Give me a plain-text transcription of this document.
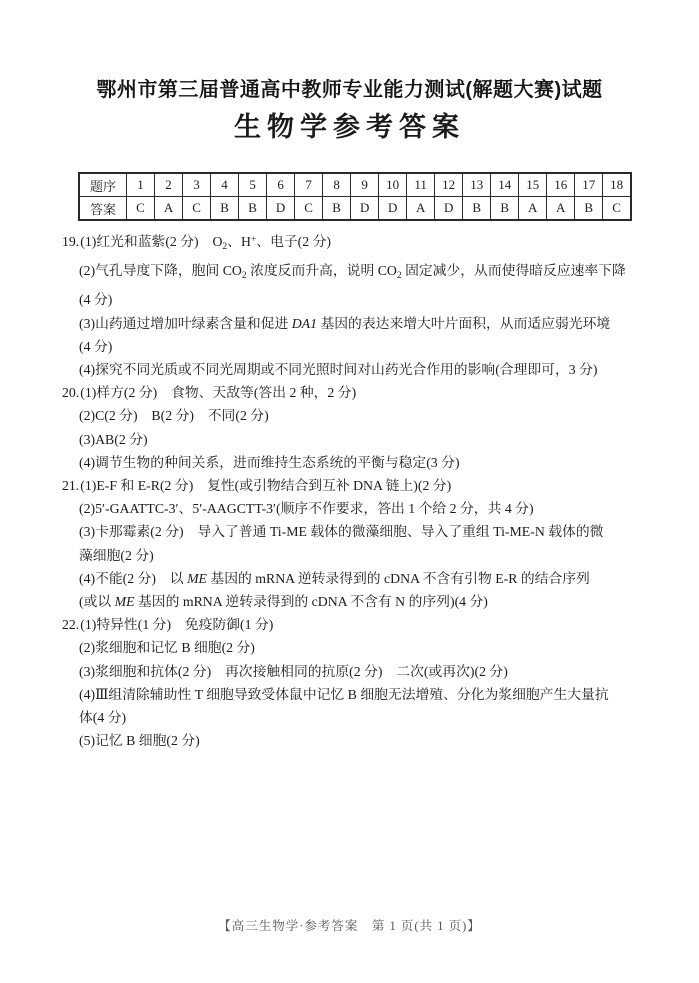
鄂州市第三届普通高中教师专业能力测试(解题大赛)试题
生物学参考答案
题序	1	2	3	4	5	6	7	8	9	10	11	12	13	14	15	16	17	18
答案	C	A	C	B	B	D	C	B	D	D	A	D	B	B	A	A	B	C
19.(1)红光和蓝紫(2 分)　$O_2$、H+、电子(2 分)
(2)气孔导度下降，胞间 $CO_2$ 浓度反而升高，说明 $CO_2$ 固定减少，从而使得暗反应速率下降
(4 分)
(3)山药通过增加叶绿素含量和促进 DA1 基因的表达来增大叶片面积，从而适应弱光环境
(4 分)
(4)探究不同光质或不同光周期或不同光照时间对山药光合作用的影响(合理即可，3 分)
20.(1)样方(2 分)　食物、天敌等(答出 2 种，2 分)
(2)C(2 分)　B(2 分)　不同(2 分)
(3)AB(2 分)
(4)调节生物的种间关系，进而维持生态系统的平衡与稳定(3 分)
21.(1)E-F 和 E-R(2 分)　复性(或引物结合到互补 DNA 链上)(2 分)
(2)5′-GAATTC-3′、5′-AAGCTT-3′(顺序不作要求，答出 1 个给 2 分，共 4 分)
(3)卡那霉素(2 分)　导入了普通 Ti-ME 载体的微藻细胞、导入了重组 Ti-ME-N 载体的微
藻细胞(2 分)
(4)不能(2 分)　以 ME 基因的 mRNA 逆转录得到的 cDNA 不含有引物 E-R 的结合序列
(或以 ME 基因的 mRNA 逆转录得到的 cDNA 不含有 N 的序列)(4 分)
22.(1)特异性(1 分)　免疫防御(1 分)
(2)浆细胞和记忆 B 细胞(2 分)
(3)浆细胞和抗体(2 分)　再次接触相同的抗原(2 分)　二次(或再次)(2 分)
(4)Ⅲ组清除辅助性 T 细胞导致受体鼠中记忆 B 细胞无法增殖、分化为浆细胞产生大量抗
体(4 分)
(5)记忆 B 细胞(2 分)
【高三生物学·参考答案　第 1 页(共 1 页)】
